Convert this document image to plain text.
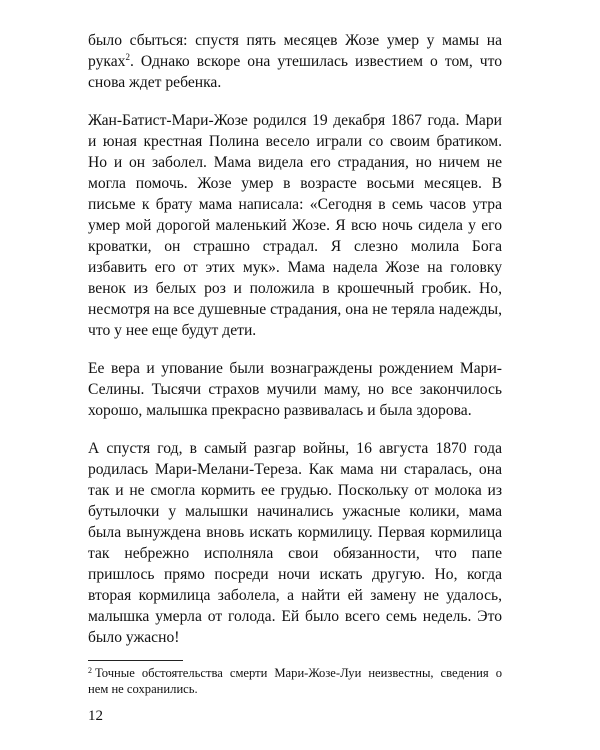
было сбыться: спустя пять месяцев Жозе умер у мамы на руках$^2$. Однако вскоре она утешилась известием о том, что снова ждет ребенка.

Жан-Батист-Мари-Жозе родился 19 декабря 1867 года. Мари и юная крестная Полина весело играли со своим братиком. Но и он заболел. Мама видела его страдания, но ничем не могла помочь. Жозе умер в возрасте восьми месяцев. В письме к брату мама написала: «Сегодня в семь часов утра умер мой дорогой маленький Жозе. Я всю ночь сидела у его кроватки, он страшно страдал. Я слезно молила Бога избавить его от этих мук». Мама надела Жозе на головку венок из белых роз и положила в крошечный гробик. Но, несмотря на все душевные страдания, она не теряла надежды, что у нее еще будут дети.

Ее вера и упование были вознаграждены рождением Мари-Селины. Тысячи страхов мучили маму, но все закончилось хорошо, малышка прекрасно развивалась и была здорова.

А спустя год, в самый разгар войны, 16 августа 1870 года родилась Мари-Мелани-Тереза. Как мама ни старалась, она так и не смогла кормить ее грудью. Поскольку от молока из бутылочки у малышки начинались ужасные колики, мама была вынуждена вновь искать кормилицу. Первая кормилица так небрежно исполняла свои обязанности, что папе пришлось прямо посреди ночи искать другую. Но, когда вторая кормилица заболела, а найти ей замену не удалось, малышка умерла от голода. Ей было всего семь недель. Это было ужасно!

$^2$ Точные обстоятельства смерти Мари-Жозе-Луи неизвестны, сведения о нем не сохранились.

12
